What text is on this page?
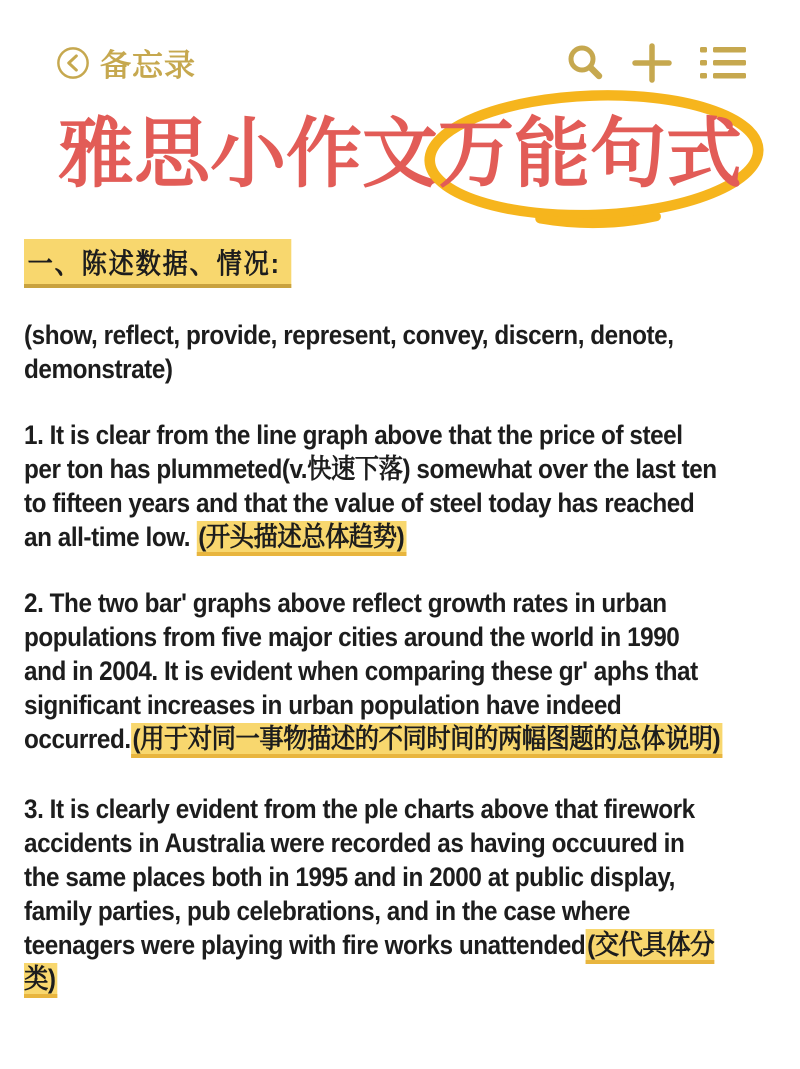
备忘录
雅思小作文
万能句式
一、陈述数据、情况:

(show, reflect, provide, represent, convey, discern, denote, demonstrate)

1. It is clear from the line graph above that the price of steel per ton has plummeted(v.快速下落) somewhat over the last ten to fifteen years and that the value of steel today has reached an all-time low. (开头描述总体趋势)

2. The two bar' graphs above reflect growth rates in urban populations from five major cities around the world in 1990 and in 2004. It is evident when comparing these gr' aphs that significant increases in urban population have indeed occurred.(用于对同一事物描述的不同时间的两幅图题的总体说明)

3. It is clearly evident from the ple charts above that firework accidents in Australia were recorded as having occuured in the same places both in 1995 and in 2000 at public display, family parties, pub celebrations, and in the case where teenagers were playing with fire works unattended(交代具体分类)
